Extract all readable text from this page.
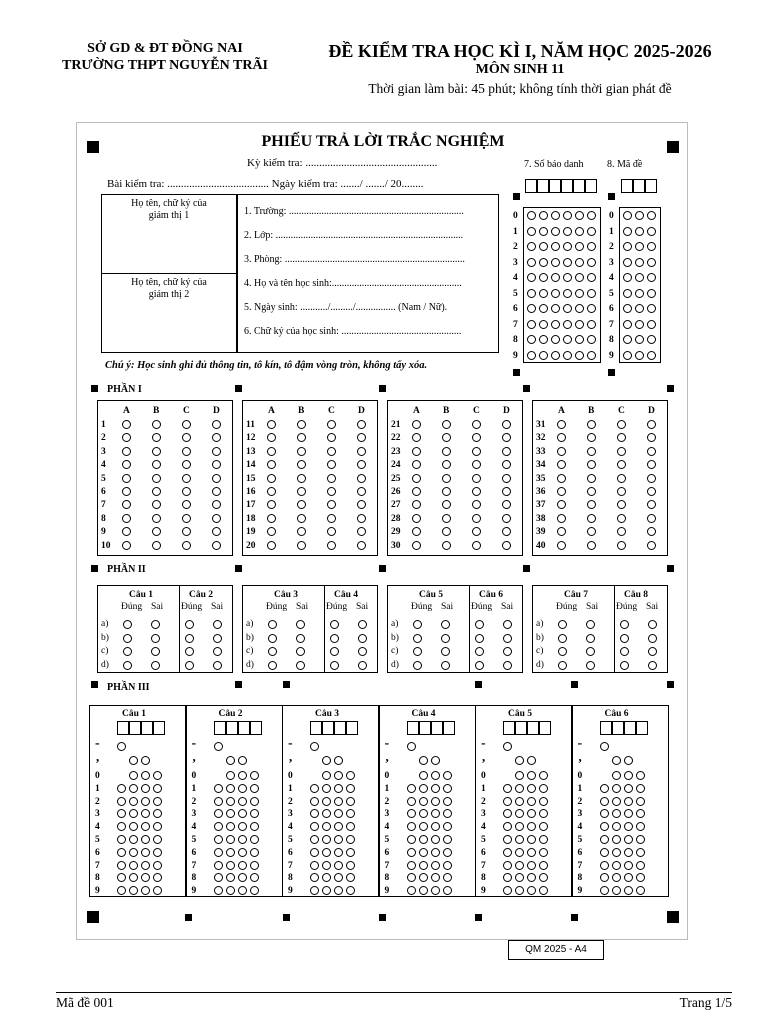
SỞ GD & ĐT ĐỒNG NAI
TRƯỜNG THPT NGUYỄN TRÃI
ĐỀ KIỂM TRA HỌC KÌ I, NĂM HỌC 2025-2026
MÔN SINH 11
Thời gian làm bài: 45 phút; không tính thời gian phát đề
PHIẾU TRẢ LỜI TRẮC NGHIỆM
Kỳ kiểm tra: ................................................
Bài kiểm tra: ..................................... Ngày kiểm tra: ......./ ......./ 20........
Họ tên, chữ ký của giám thị 1
Họ tên, chữ ký của giám thị 2
1. Trường: ......................................................................
2. Lớp: ...........................................................................
3. Phòng: ........................................................................
4. Họ và tên học sinh:....................................................
5. Ngày sinh: .........../........./................ (Nam / Nữ).
6. Chữ ký của học sinh: ................................................
7. Số báo danh 8. Mã đề
Chú ý: Học sinh ghi đủ thông tin, tô kín, tô đậm vòng tròn, không tẩy xóa.
PHẦN I
PHẦN II
PHẦN III
A B C D
1
2
3
4
5
6
7
8
9
10
A B C D
11
12
13
14
15
16
17
18
19
20
A B C D
21
22
23
24
25
26
27
28
29
30
A B C D
31
32
33
34
35
36
37
38
39
40
Câu 1
Đúng Sai
a)
b)
c)
d)
Câu 2
Đúng Sai
Câu 3
Đúng Sai
a)
b)
c)
d)
Câu 4
Đúng Sai
Câu 5
Đúng Sai
a)
b)
c)
d)
Câu 6
Đúng Sai
Câu 7
Đúng Sai
a)
b)
c)
d)
Câu 8
Đúng Sai
Câu 1
-
,
0
1
2
3
4
5
6
7
8
9
Câu 2
-
,
0
1
2
3
4
5
6
7
8
9
Câu 3
-
,
0
1
2
3
4
5
6
7
8
9
Câu 4
-
,
0
1
2
3
4
5
6
7
8
9
Câu 5
-
,
0
1
2
3
4
5
6
7
8
9
Câu 6
-
,
0
1
2
3
4
5
6
7
8
9
0	0
1	1
2	2
3	3
4	4
5	5
6	6
7	7
8	8
9	9
QM 2025 - A4
Mã đề 001	Trang 1/5
